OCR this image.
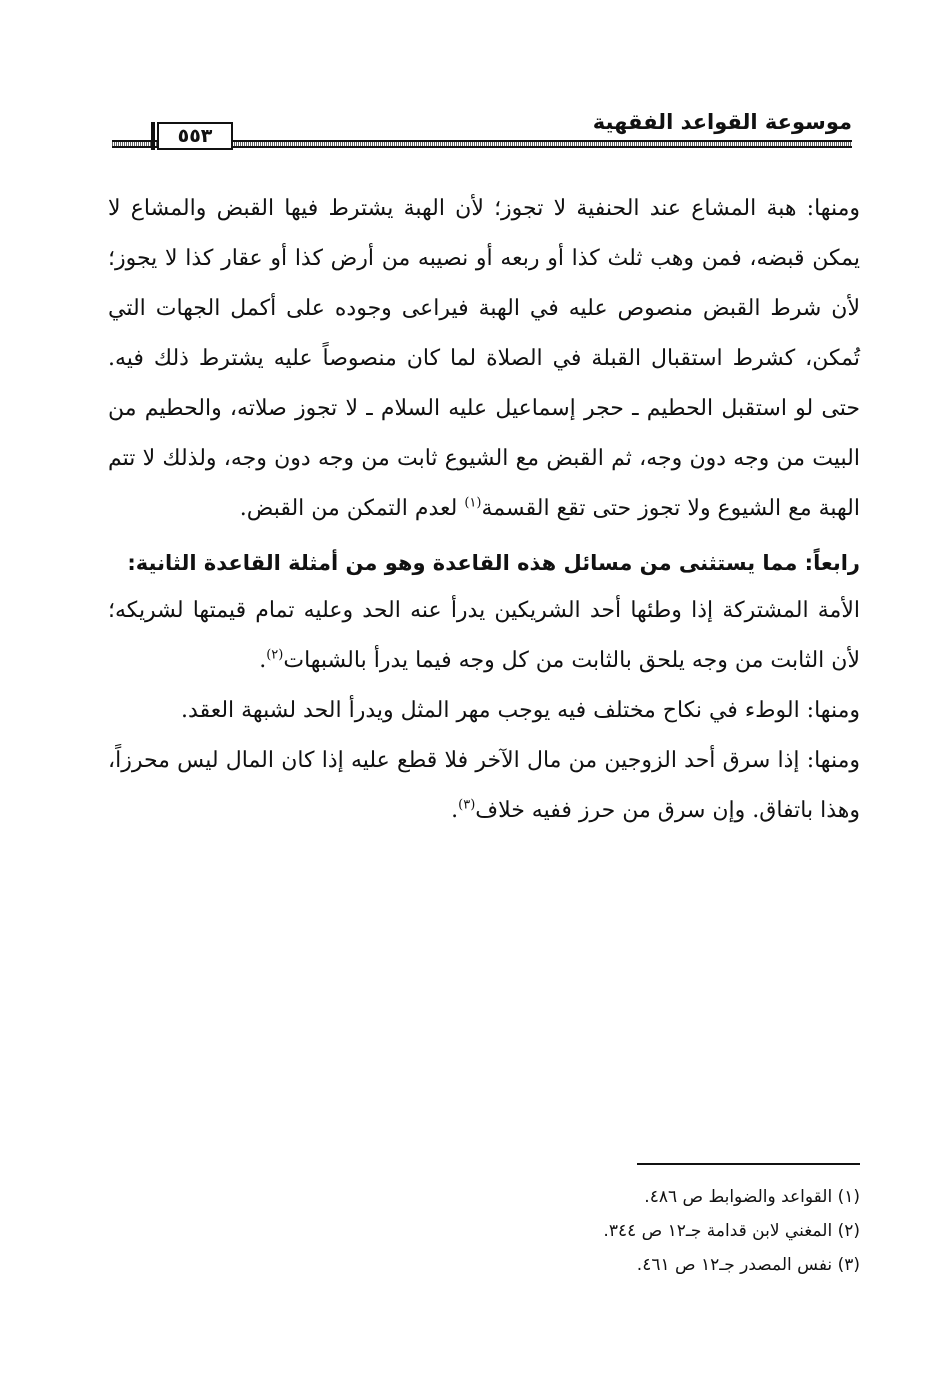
موسوعة القواعد الفقهية
٥٥٣

ومنها: هبة المشاع عند الحنفية لا تجوز؛ لأن الهبة يشترط فيها القبض والمشاع لا يمكن قبضه، فمن وهب ثلث كذا أو ربعه أو نصيبه من أرض كذا أو عقار كذا لا يجوز؛ لأن شرط القبض منصوص عليه في الهبة فيراعى وجوده على أكمل الجهات التي تُمكن، كشرط استقبال القبلة في الصلاة لما كان منصوصاً عليه يشترط ذلك فيه. حتى لو استقبل الحطيم ـ حجر إسماعيل عليه السلام ـ لا تجوز صلاته، والحطيم من البيت من وجه دون وجه، ثم القبض مع الشيوع ثابت من وجه دون وجه، ولذلك لا تتم الهبة مع الشيوع ولا تجوز حتى تقع القسمة$^{(١)}$ لعدم التمكن من القبض.

رابعاً: مما يستثنى من مسائل هذه القاعدة وهو من أمثلة القاعدة الثانية:

الأمة المشتركة إذا وطئها أحد الشريكين يدرأ عنه الحد وعليه تمام قيمتها لشريكه؛ لأن الثابت من وجه يلحق بالثابت من كل وجه فيما يدرأ بالشبهات$^{(٢)}$.

ومنها: الوطء في نكاح مختلف فيه يوجب مهر المثل ويدرأ الحد لشبهة العقد.

ومنها: إذا سرق أحد الزوجين من مال الآخر فلا قطع عليه إذا كان المال ليس محرزاً، وهذا باتفاق. وإن سرق من حرز ففيه خلاف$^{(٣)}$.

(١) القواعد والضوابط ص ٤٨٦.
(٢) المغني لابن قدامة جـ١٢ ص ٣٤٤.
(٣) نفس المصدر جـ١٢ ص ٤٦١.
